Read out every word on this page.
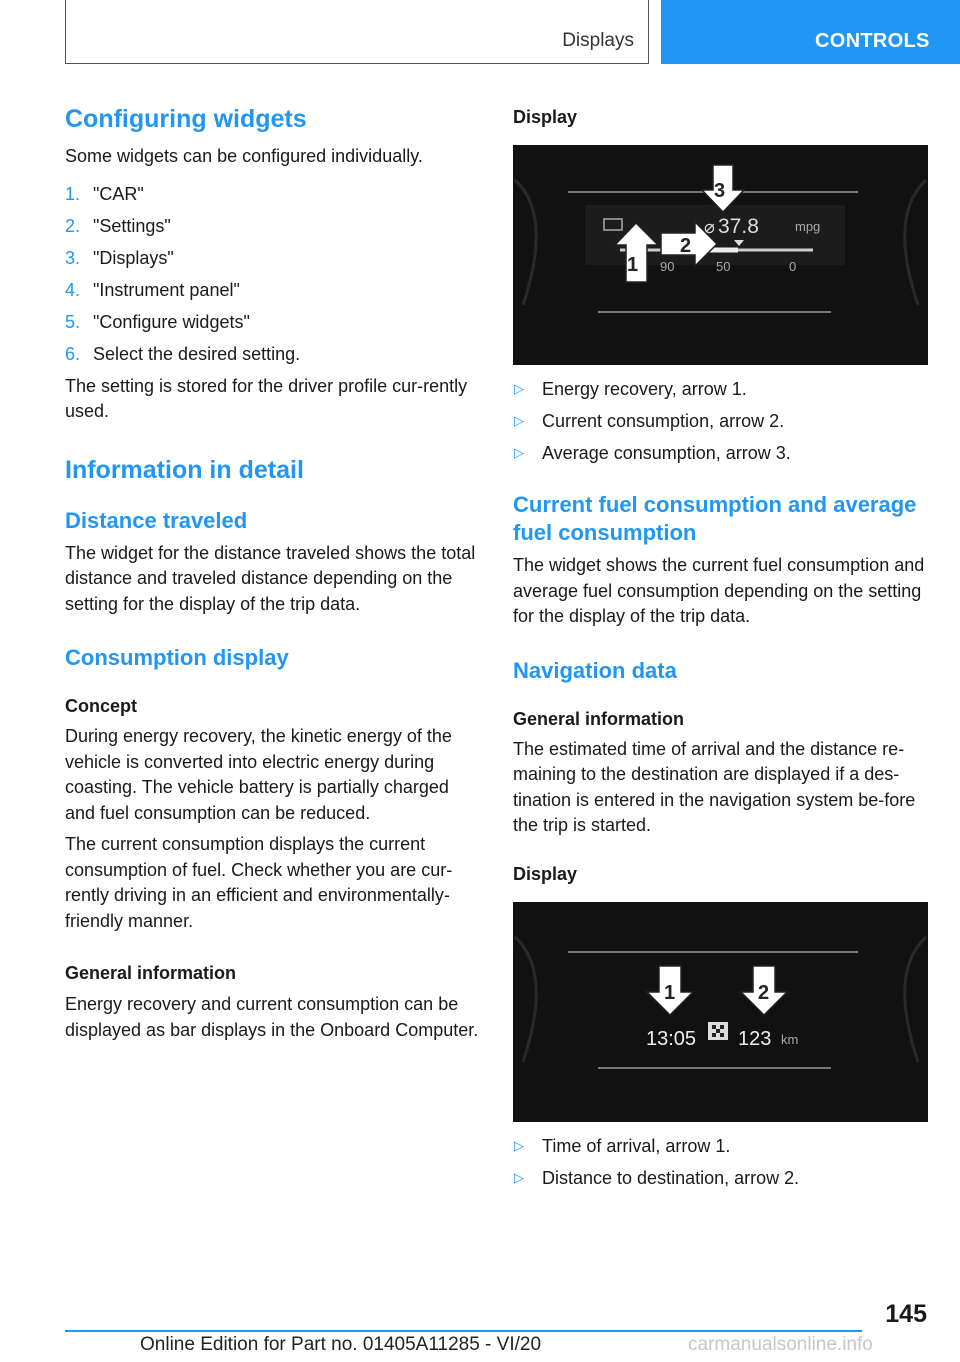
Displays	CONTROLS
Configuring widgets

Some widgets can be configured individually.

1. "CAR"
2. "Settings"
3. "Displays"
4. "Instrument panel"
5. "Configure widgets"
6. Select the desired setting.

The setting is stored for the driver profile cur-rently used.

Information in detail
Distance traveled

The widget for the distance traveled shows the total distance and traveled distance depending on the setting for the display of the trip data.

Consumption display
Concept

During energy recovery, the kinetic energy of the vehicle is converted into electric energy during coasting. The vehicle battery is partially charged and fuel consumption can be reduced.

The current consumption displays the current consumption of fuel. Check whether you are cur-rently driving in an efficient and environmentally-friendly manner.

General information

Energy recovery and current consumption can be displayed as bar displays in the Onboard Computer.

Display
37.8
⌀	mpg
90	50	0
1
2
3
▷ Energy recovery, arrow 1.
▷ Current consumption, arrow 2.
▷ Average consumption, arrow 3.
Current fuel consumption and average fuel consumption

The widget shows the current fuel consumption and average fuel consumption depending on the setting for the display of the trip data.

Navigation data
General information

The estimated time of arrival and the distance re-maining to the destination are displayed if a des-tination is entered in the navigation system be-fore the trip is started.

Display
13:05 123 km
1	2
▷ Time of arrival, arrow 1.
▷ Distance to destination, arrow 2.
145
Online Edition for Part no. 01405A11285 - VI/20	carmanualsonline.info
